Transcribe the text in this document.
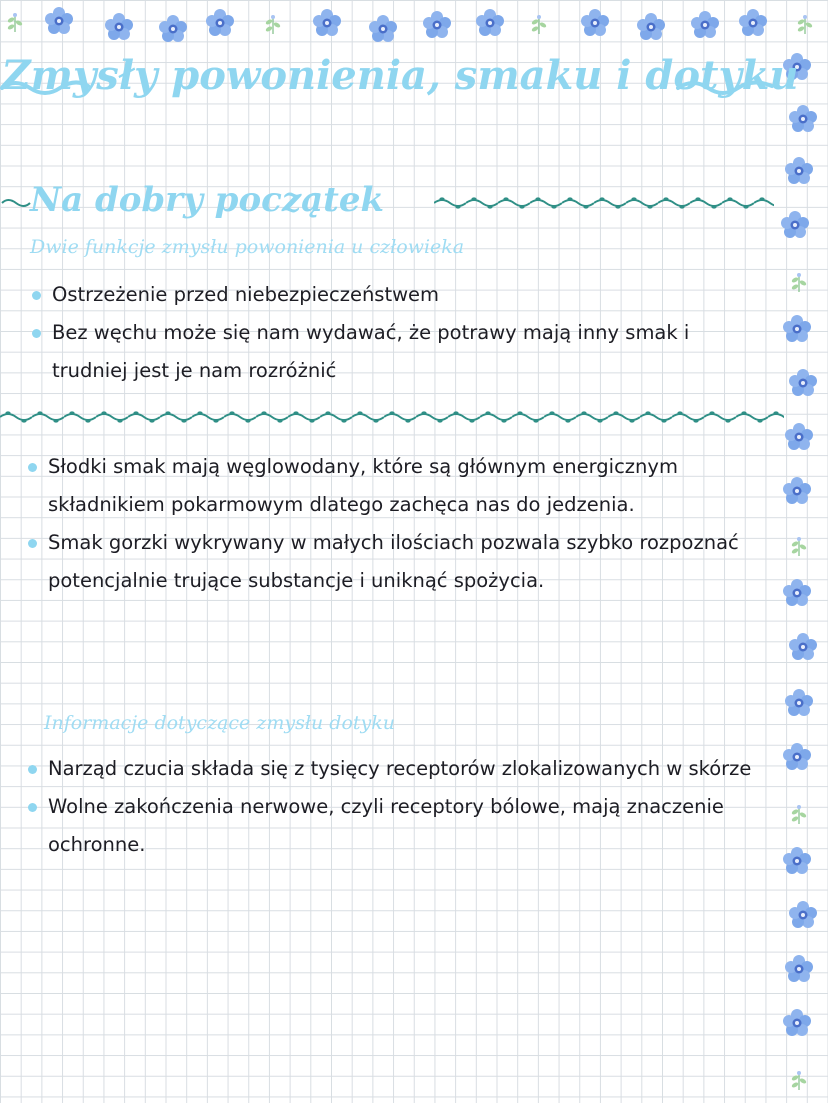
Zmysły powonienia, smaku i dotyku
Na dobry początek

Dwie funkcje zmysłu powonienia u człowieka

Ostrzeżenie przed niebezpieczeństwem
Bez węchu może się nam wydawać, że potrawy mają inny smak i trudniej jest je nam rozróżnić
Słodki smak mają węglowodany, które są głównym energicznym składnikiem pokarmowym dlatego zachęca nas do jedzenia.
Smak gorzki wykrywany w małych ilościach pozwala szybko rozpoznać potencjalnie trujące substancje i uniknąć spożycia.

Informacje dotyczące zmysłu dotyku

Narząd czucia składa się z tysięcy receptorów zlokalizowanych w skórze
Wolne zakończenia nerwowe, czyli receptory bólowe, mają znaczenie ochronne.
